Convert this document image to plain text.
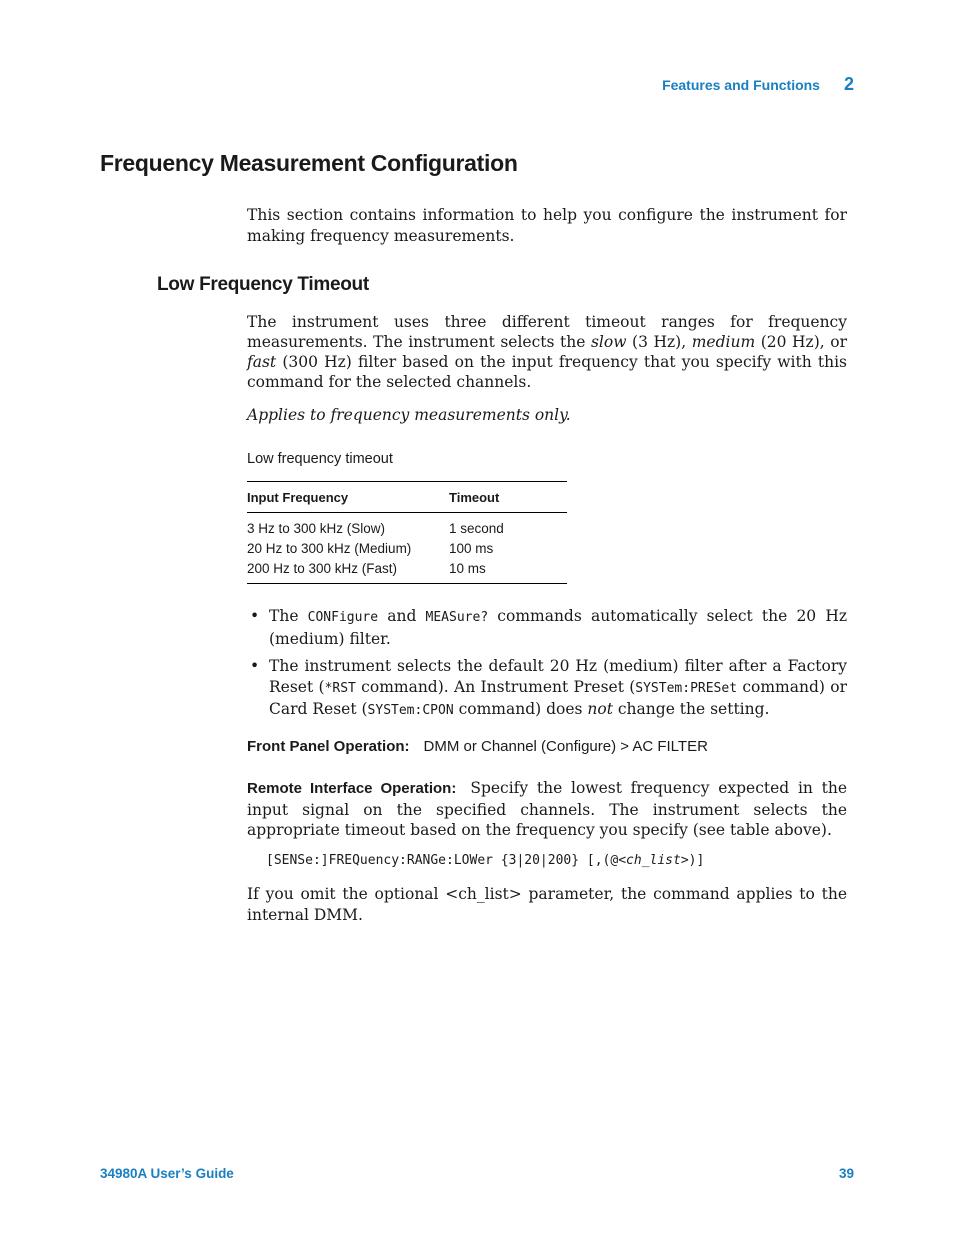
Features and Functions 2
Frequency Measurement Configuration

This section contains information to help you configure the instrument for making frequency measurements.

Low Frequency Timeout

The instrument uses three different timeout ranges for frequency measurements. The instrument selects the slow (3 Hz), medium (20 Hz), or fast (300 Hz) filter based on the input frequency that you specify with this command for the selected channels.

Applies to frequency measurements only.

Low frequency timeout

Input Frequency	Timeout
3 Hz to 300 kHz (Slow)	1 second
20 Hz to 300 kHz (Medium)	100 ms
200 Hz to 300 kHz (Fast)	10 ms
• The CONFigure and MEASure? commands automatically select the 20 Hz (medium) filter.
• The instrument selects the default 20 Hz (medium) filter after a Factory Reset (*RST command). An Instrument Preset (SYSTem:PRESet command) or Card Reset (SYSTem:CPON command) does not change the setting.

Front Panel Operation: DMM or Channel (Configure) > AC FILTER

Remote Interface Operation: Specify the lowest frequency expected in the input signal on the specified channels. The instrument selects the appropriate timeout based on the frequency you specify (see table above).

[SENSe:]FREQuency:RANGe:LOWer {3|20|200} [,(@<ch_list>)]

If you omit the optional <ch_list> parameter, the command applies to the internal DMM.

34980A User’s Guide	39
